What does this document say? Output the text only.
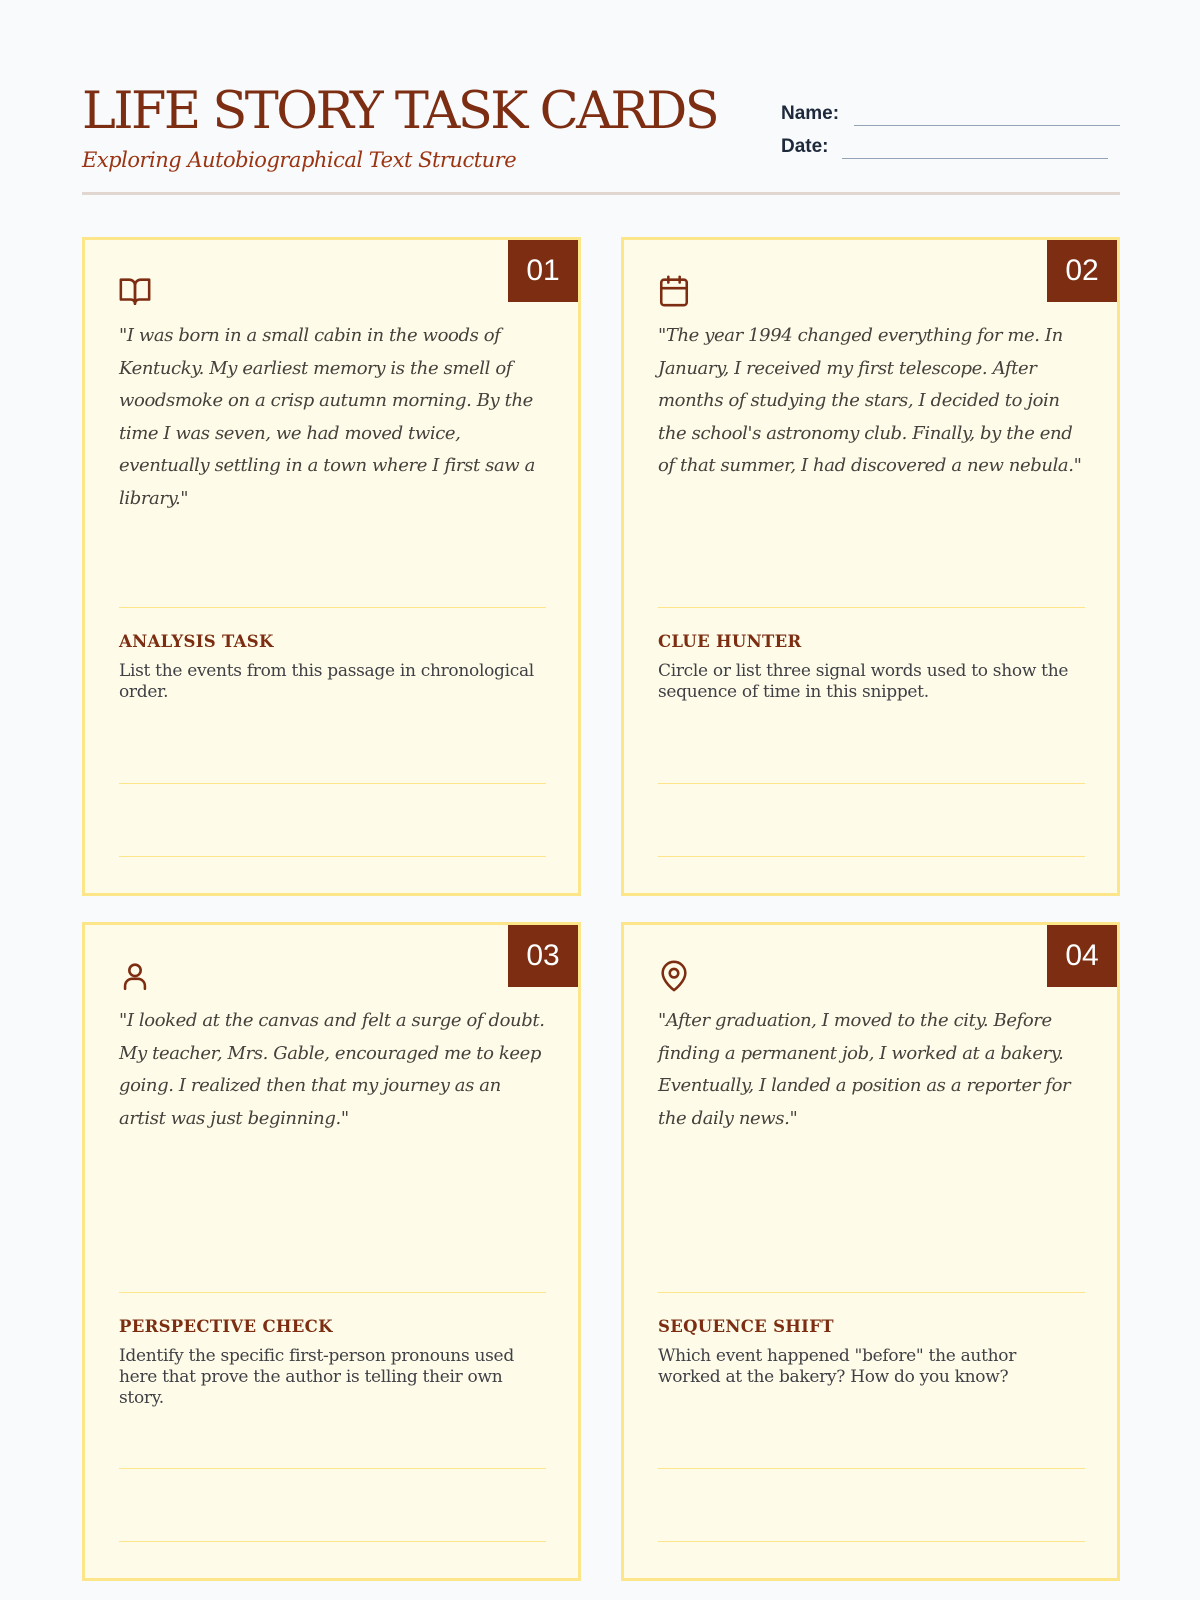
LIFE STORY TASK CARDS
Exploring Autobiographical Text Structure
Name:
Date:
01

"I was born in a small cabin in the woods of Kentucky. My earliest memory is the smell of woodsmoke on a crisp autumn morning. By the time I was seven, we had moved twice, eventually settling in a town where I first saw a library."

ANALYSIS TASK

List the events from this passage in chronological order.

02

"The year 1994 changed everything for me. In January, I received my first telescope. After months of studying the stars, I decided to join the school's astronomy club. Finally, by the end of that summer, I had discovered a new nebula."

CLUE HUNTER

Circle or list three signal words used to show the sequence of time in this snippet.

03

"I looked at the canvas and felt a surge of doubt. My teacher, Mrs. Gable, encouraged me to keep going. I realized then that my journey as an artist was just beginning."

PERSPECTIVE CHECK

Identify the specific first-person pronouns used here that prove the author is telling their own story.

04

"After graduation, I moved to the city. Before finding a permanent job, I worked at a bakery. Eventually, I landed a position as a reporter for the daily news."

SEQUENCE SHIFT

Which event happened "before" the author worked at the bakery? How do you know?
